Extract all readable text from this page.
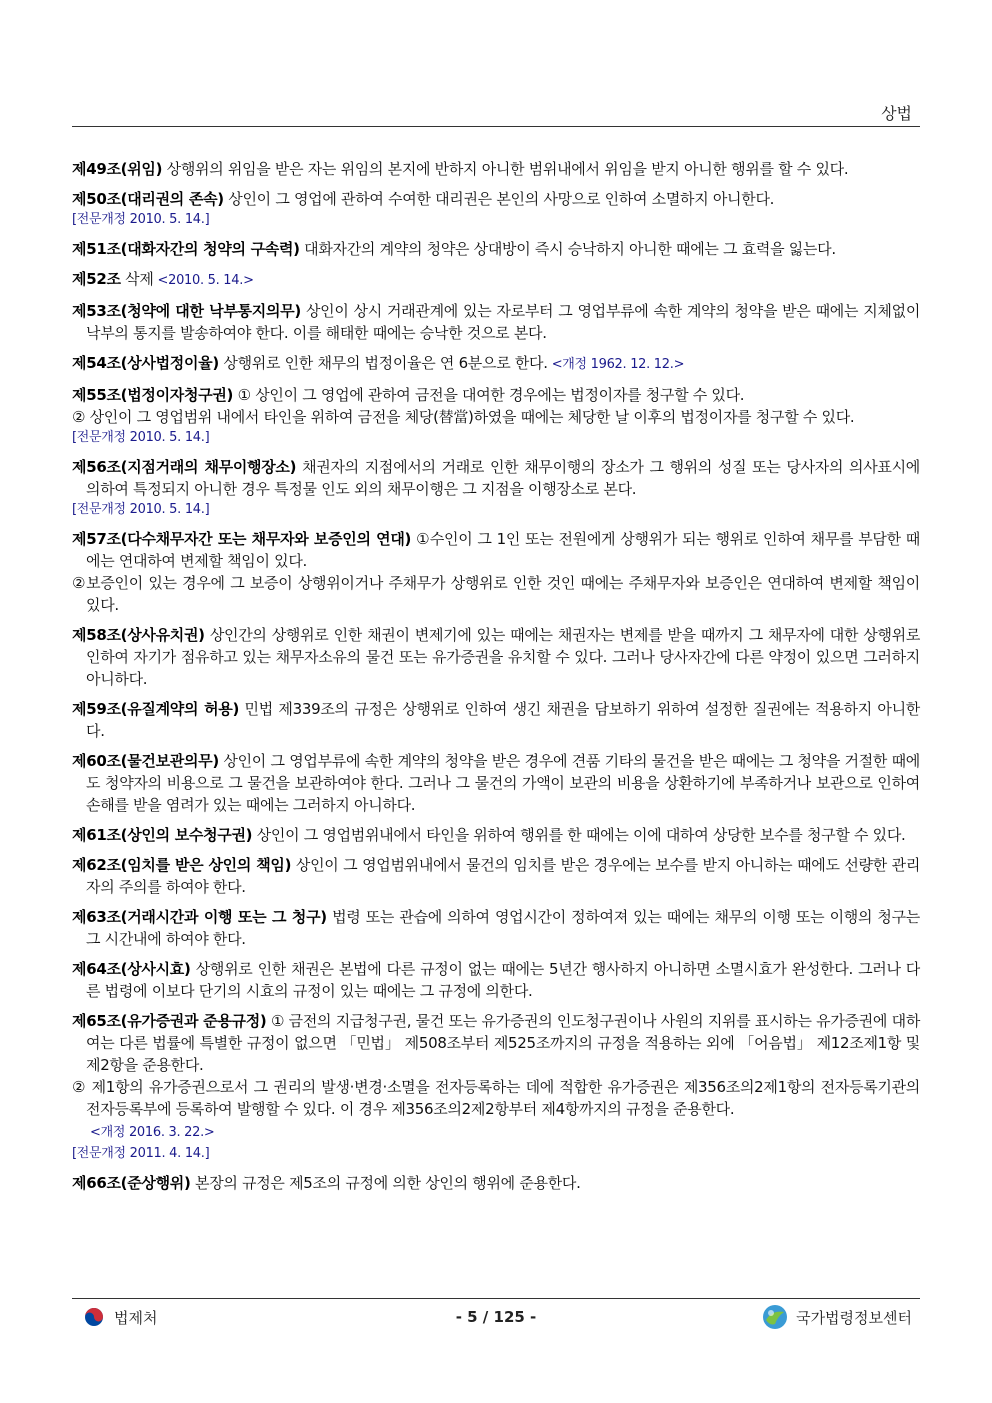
상법
제49조(위임) 상행위의 위임을 받은 자는 위임의 본지에 반하지 아니한 범위내에서 위임을 받지 아니한 행위를 할 수 있다.
제50조(대리권의 존속) 상인이 그 영업에 관하여 수여한 대리권은 본인의 사망으로 인하여 소멸하지 아니한다.
[전문개정 2010. 5. 14.]
제51조(대화자간의 청약의 구속력) 대화자간의 계약의 청약은 상대방이 즉시 승낙하지 아니한 때에는 그 효력을 잃는다.
제52조 삭제 <2010. 5. 14.>
제53조(청약에 대한 낙부통지의무) 상인이 상시 거래관계에 있는 자로부터 그 영업부류에 속한 계약의 청약을 받은 때에는 지체없이 낙부의 통지를 발송하여야 한다. 이를 해태한 때에는 승낙한 것으로 본다.
제54조(상사법정이율) 상행위로 인한 채무의 법정이율은 연 6분으로 한다. <개정 1962. 12. 12.>
제55조(법정이자청구권) ① 상인이 그 영업에 관하여 금전을 대여한 경우에는 법정이자를 청구할 수 있다.
② 상인이 그 영업범위 내에서 타인을 위하여 금전을 체당(替當)하였을 때에는 체당한 날 이후의 법정이자를 청구할 수 있다.
[전문개정 2010. 5. 14.]
제56조(지점거래의 채무이행장소) 채권자의 지점에서의 거래로 인한 채무이행의 장소가 그 행위의 성질 또는 당사자의 의사표시에 의하여 특정되지 아니한 경우 특정물 인도 외의 채무이행은 그 지점을 이행장소로 본다.
[전문개정 2010. 5. 14.]
제57조(다수채무자간 또는 채무자와 보증인의 연대) ①수인이 그 1인 또는 전원에게 상행위가 되는 행위로 인하여 채무를 부담한 때에는 연대하여 변제할 책임이 있다.
②보증인이 있는 경우에 그 보증이 상행위이거나 주채무가 상행위로 인한 것인 때에는 주채무자와 보증인은 연대하여 변제할 책임이 있다.
제58조(상사유치권) 상인간의 상행위로 인한 채권이 변제기에 있는 때에는 채권자는 변제를 받을 때까지 그 채무자에 대한 상행위로 인하여 자기가 점유하고 있는 채무자소유의 물건 또는 유가증권을 유치할 수 있다. 그러나 당사자간에 다른 약정이 있으면 그러하지 아니하다.
제59조(유질계약의 허용) 민법 제339조의 규정은 상행위로 인하여 생긴 채권을 담보하기 위하여 설정한 질권에는 적용하지 아니한다.
제60조(물건보관의무) 상인이 그 영업부류에 속한 계약의 청약을 받은 경우에 견품 기타의 물건을 받은 때에는 그 청약을 거절한 때에도 청약자의 비용으로 그 물건을 보관하여야 한다. 그러나 그 물건의 가액이 보관의 비용을 상환하기에 부족하거나 보관으로 인하여 손해를 받을 염려가 있는 때에는 그러하지 아니하다.
제61조(상인의 보수청구권) 상인이 그 영업범위내에서 타인을 위하여 행위를 한 때에는 이에 대하여 상당한 보수를 청구할 수 있다.
제62조(임치를 받은 상인의 책임) 상인이 그 영업범위내에서 물건의 임치를 받은 경우에는 보수를 받지 아니하는 때에도 선량한 관리자의 주의를 하여야 한다.
제63조(거래시간과 이행 또는 그 청구) 법령 또는 관습에 의하여 영업시간이 정하여져 있는 때에는 채무의 이행 또는 이행의 청구는 그 시간내에 하여야 한다.
제64조(상사시효) 상행위로 인한 채권은 본법에 다른 규정이 없는 때에는 5년간 행사하지 아니하면 소멸시효가 완성한다. 그러나 다른 법령에 이보다 단기의 시효의 규정이 있는 때에는 그 규정에 의한다.
제65조(유가증권과 준용규정) ① 금전의 지급청구권, 물건 또는 유가증권의 인도청구권이나 사원의 지위를 표시하는 유가증권에 대하여는 다른 법률에 특별한 규정이 없으면 「민법」 제508조부터 제525조까지의 규정을 적용하는 외에 「어음법」 제12조제1항 및 제2항을 준용한다.
② 제1항의 유가증권으로서 그 권리의 발생·변경·소멸을 전자등록하는 데에 적합한 유가증권은 제356조의2제1항의 전자등록기관의 전자등록부에 등록하여 발행할 수 있다. 이 경우 제356조의2제2항부터 제4항까지의 규정을 준용한다.
<개정 2016. 3. 22.>
[전문개정 2011. 4. 14.]
제66조(준상행위) 본장의 규정은 제5조의 규정에 의한 상인의 행위에 준용한다.
법제처	- 5 / 125 -	국가법령정보센터
